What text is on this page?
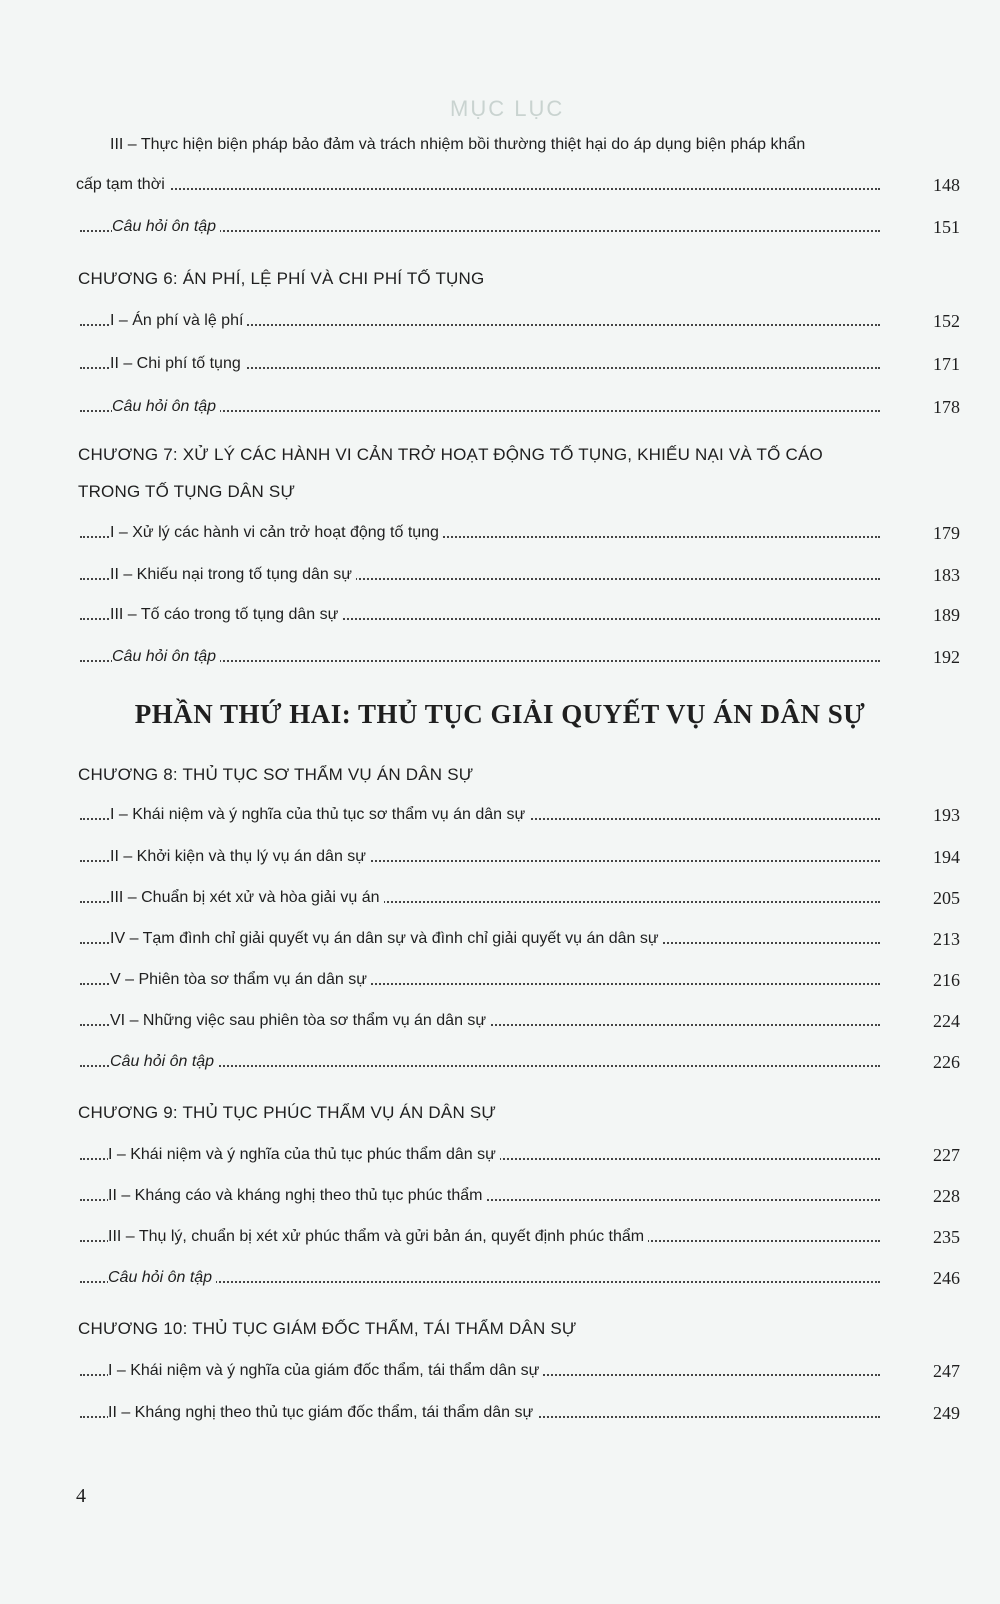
MỤC LỤC
III – Thực hiện biện pháp bảo đảm và trách nhiệm bồi thường thiệt hại do áp dụng biện pháp khẩn
cấp tạm thời	148
Câu hỏi ôn tập	151
CHƯƠNG 6: ÁN PHÍ, LỆ PHÍ VÀ CHI PHÍ TỐ TỤNG
I – Án phí và lệ phí	152
II – Chi phí tố tụng	171
Câu hỏi ôn tập	178
CHƯƠNG 7: XỬ LÝ CÁC HÀNH VI CẢN TRỞ HOẠT ĐỘNG TỐ TỤNG, KHIẾU NẠI VÀ TỐ CÁO
TRONG TỐ TỤNG DÂN SỰ
I – Xử lý các hành vi cản trở hoạt động tố tụng	179
II – Khiếu nại trong tố tụng dân sự	183
III – Tố cáo trong tố tụng dân sự	189
Câu hỏi ôn tập	192
PHẦN THỨ HAI: THỦ TỤC GIẢI QUYẾT VỤ ÁN DÂN SỰ
CHƯƠNG 8: THỦ TỤC SƠ THẨM VỤ ÁN DÂN SỰ
I – Khái niệm và ý nghĩa của thủ tục sơ thẩm vụ án dân sự	193
II – Khởi kiện và thụ lý vụ án dân sự	194
III – Chuẩn bị xét xử và hòa giải vụ án	205
IV – Tạm đình chỉ giải quyết vụ án dân sự và đình chỉ giải quyết vụ án dân sự	213
V – Phiên tòa sơ thẩm vụ án dân sự	216
VI – Những việc sau phiên tòa sơ thẩm vụ án dân sự	224
Câu hỏi ôn tập	226
CHƯƠNG 9: THỦ TỤC PHÚC THẨM VỤ ÁN DÂN SỰ
I – Khái niệm và ý nghĩa của thủ tục phúc thẩm dân sự	227
II – Kháng cáo và kháng nghị theo thủ tục phúc thẩm	228
III – Thụ lý, chuẩn bị xét xử phúc thẩm và gửi bản án, quyết định phúc thẩm	235
Câu hỏi ôn tập	246
CHƯƠNG 10: THỦ TỤC GIÁM ĐỐC THẨM, TÁI THẨM DÂN SỰ
I – Khái niệm và ý nghĩa của giám đốc thẩm, tái thẩm dân sự	247
II – Kháng nghị theo thủ tục giám đốc thẩm, tái thẩm dân sự	249
4
